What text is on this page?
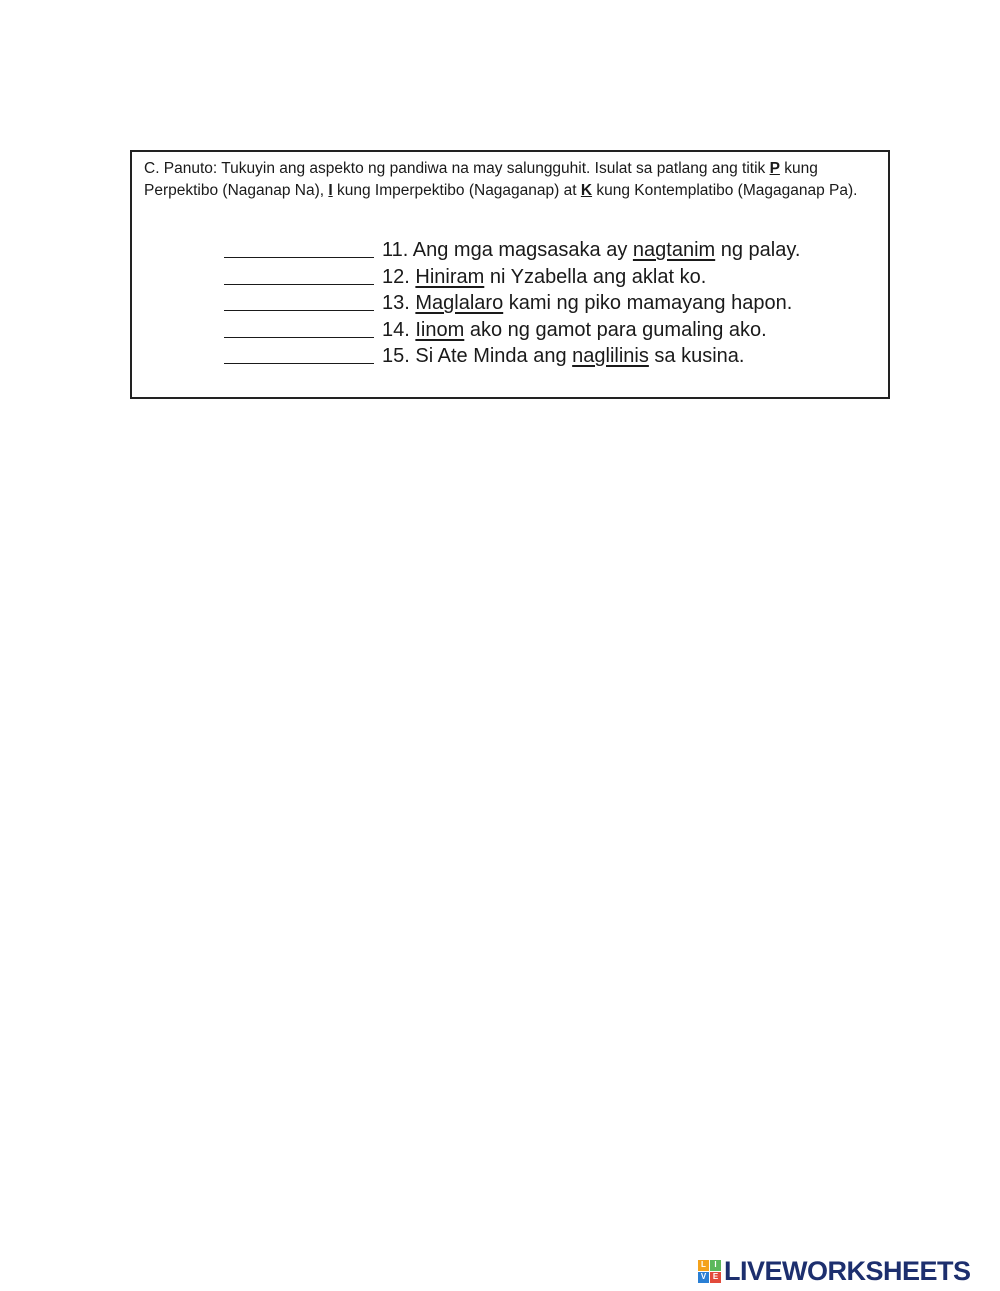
C. Panuto: Tukuyin ang aspekto ng pandiwa na may salungguhit. Isulat sa patlang ang titik P kung Perpektibo (Naganap Na), I kung Imperpektibo (Nagaganap) at K kung Kontemplatibo (Magaganap Pa).

11. Ang mga magsasaka ay nagtanim ng palay.
12. Hiniram ni Yzabella ang aklat ko.
13. Maglalaro kami ng piko mamayang hapon.
14. Iinom ako ng gamot para gumaling ako.
15. Si Ate Minda ang naglilinis sa kusina.
L	I
V E LIVEWORKSHEETS
